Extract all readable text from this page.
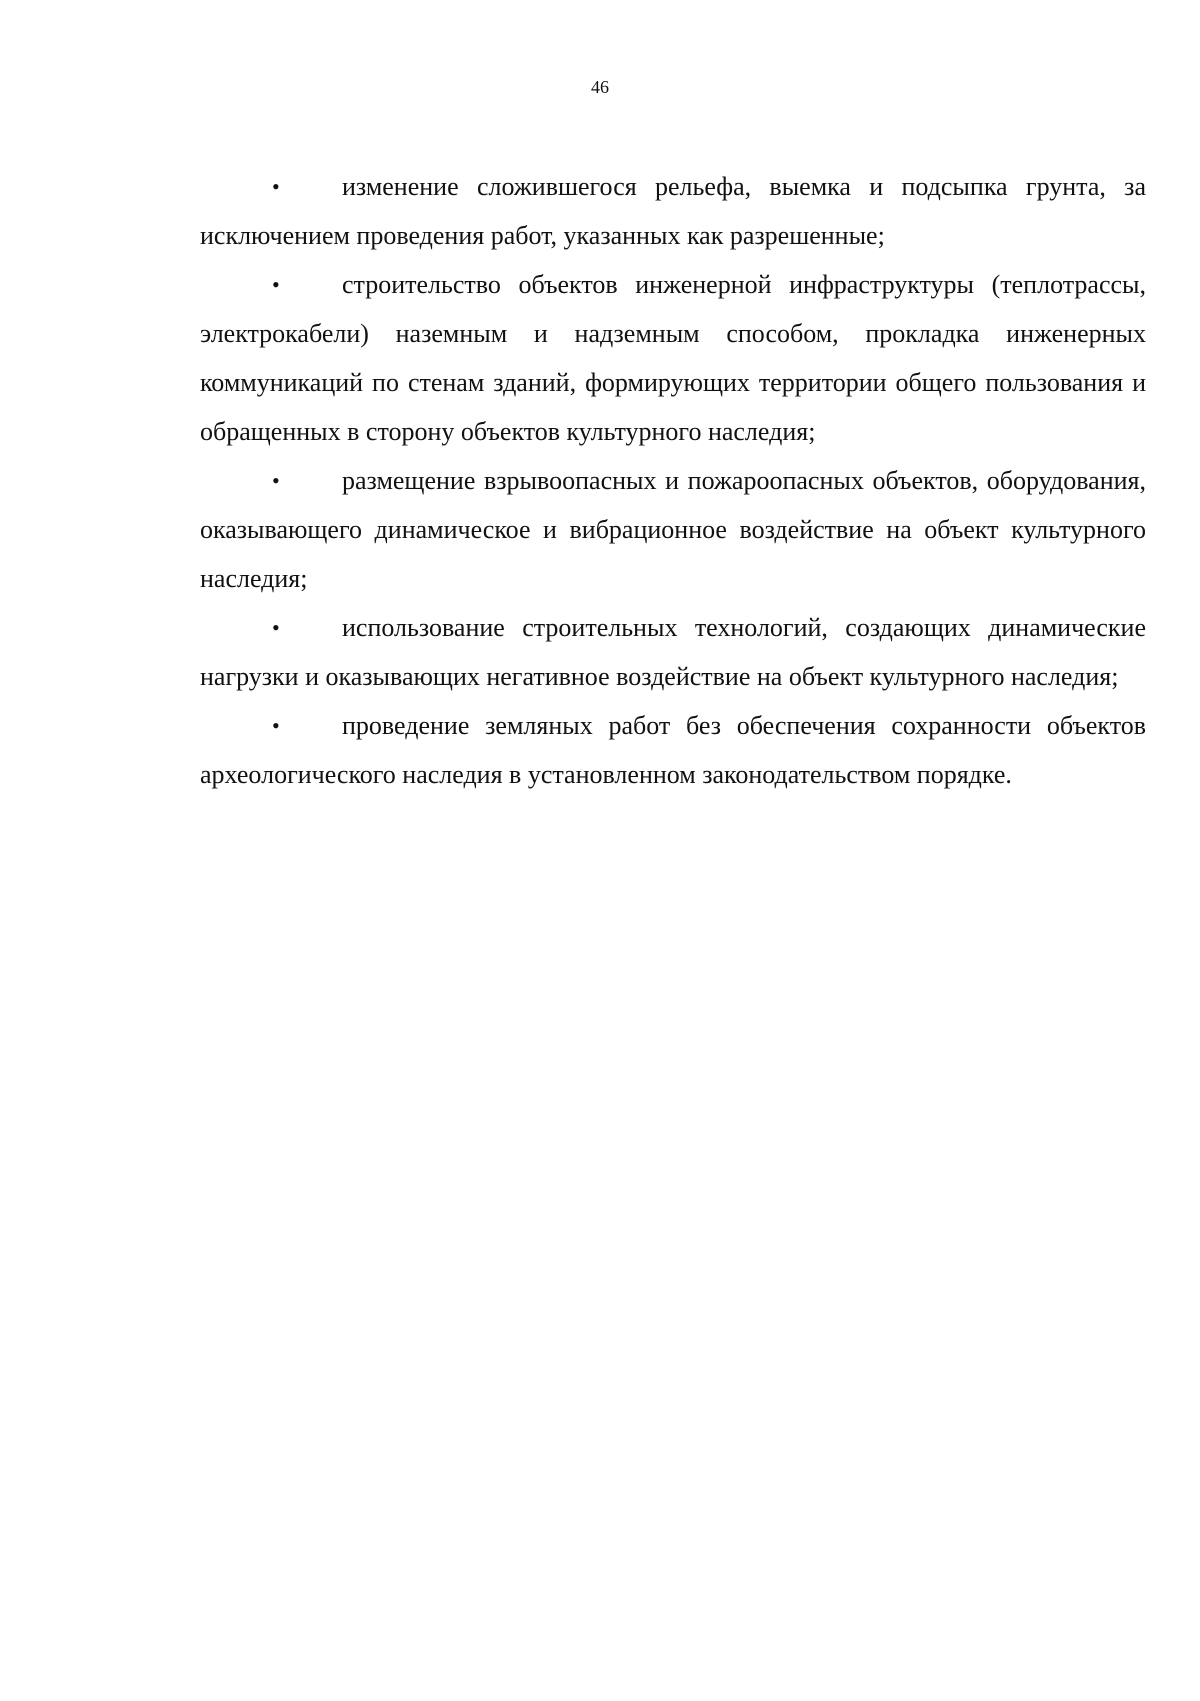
46

• изменение сложившегося рельефа, выемка и подсыпка грунта, за исключением проведения работ, указанных как разрешенные;

• строительство объектов инженерной инфраструктуры (теплотрассы, электрокабели) наземным и надземным способом, прокладка инженерных коммуникаций по стенам зданий, формирующих территории общего пользования и обращенных в сторону объектов культурного наследия;

• размещение взрывоопасных и пожароопасных объектов, оборудования, оказывающего динамическое и вибрационное воздействие на объект культурного наследия;

• использование строительных технологий, создающих динамические нагрузки и оказывающих негативное воздействие на объект культурного наследия;

• проведение земляных работ без обеспечения сохранности объектов археологического наследия в установленном законодательством порядке.
